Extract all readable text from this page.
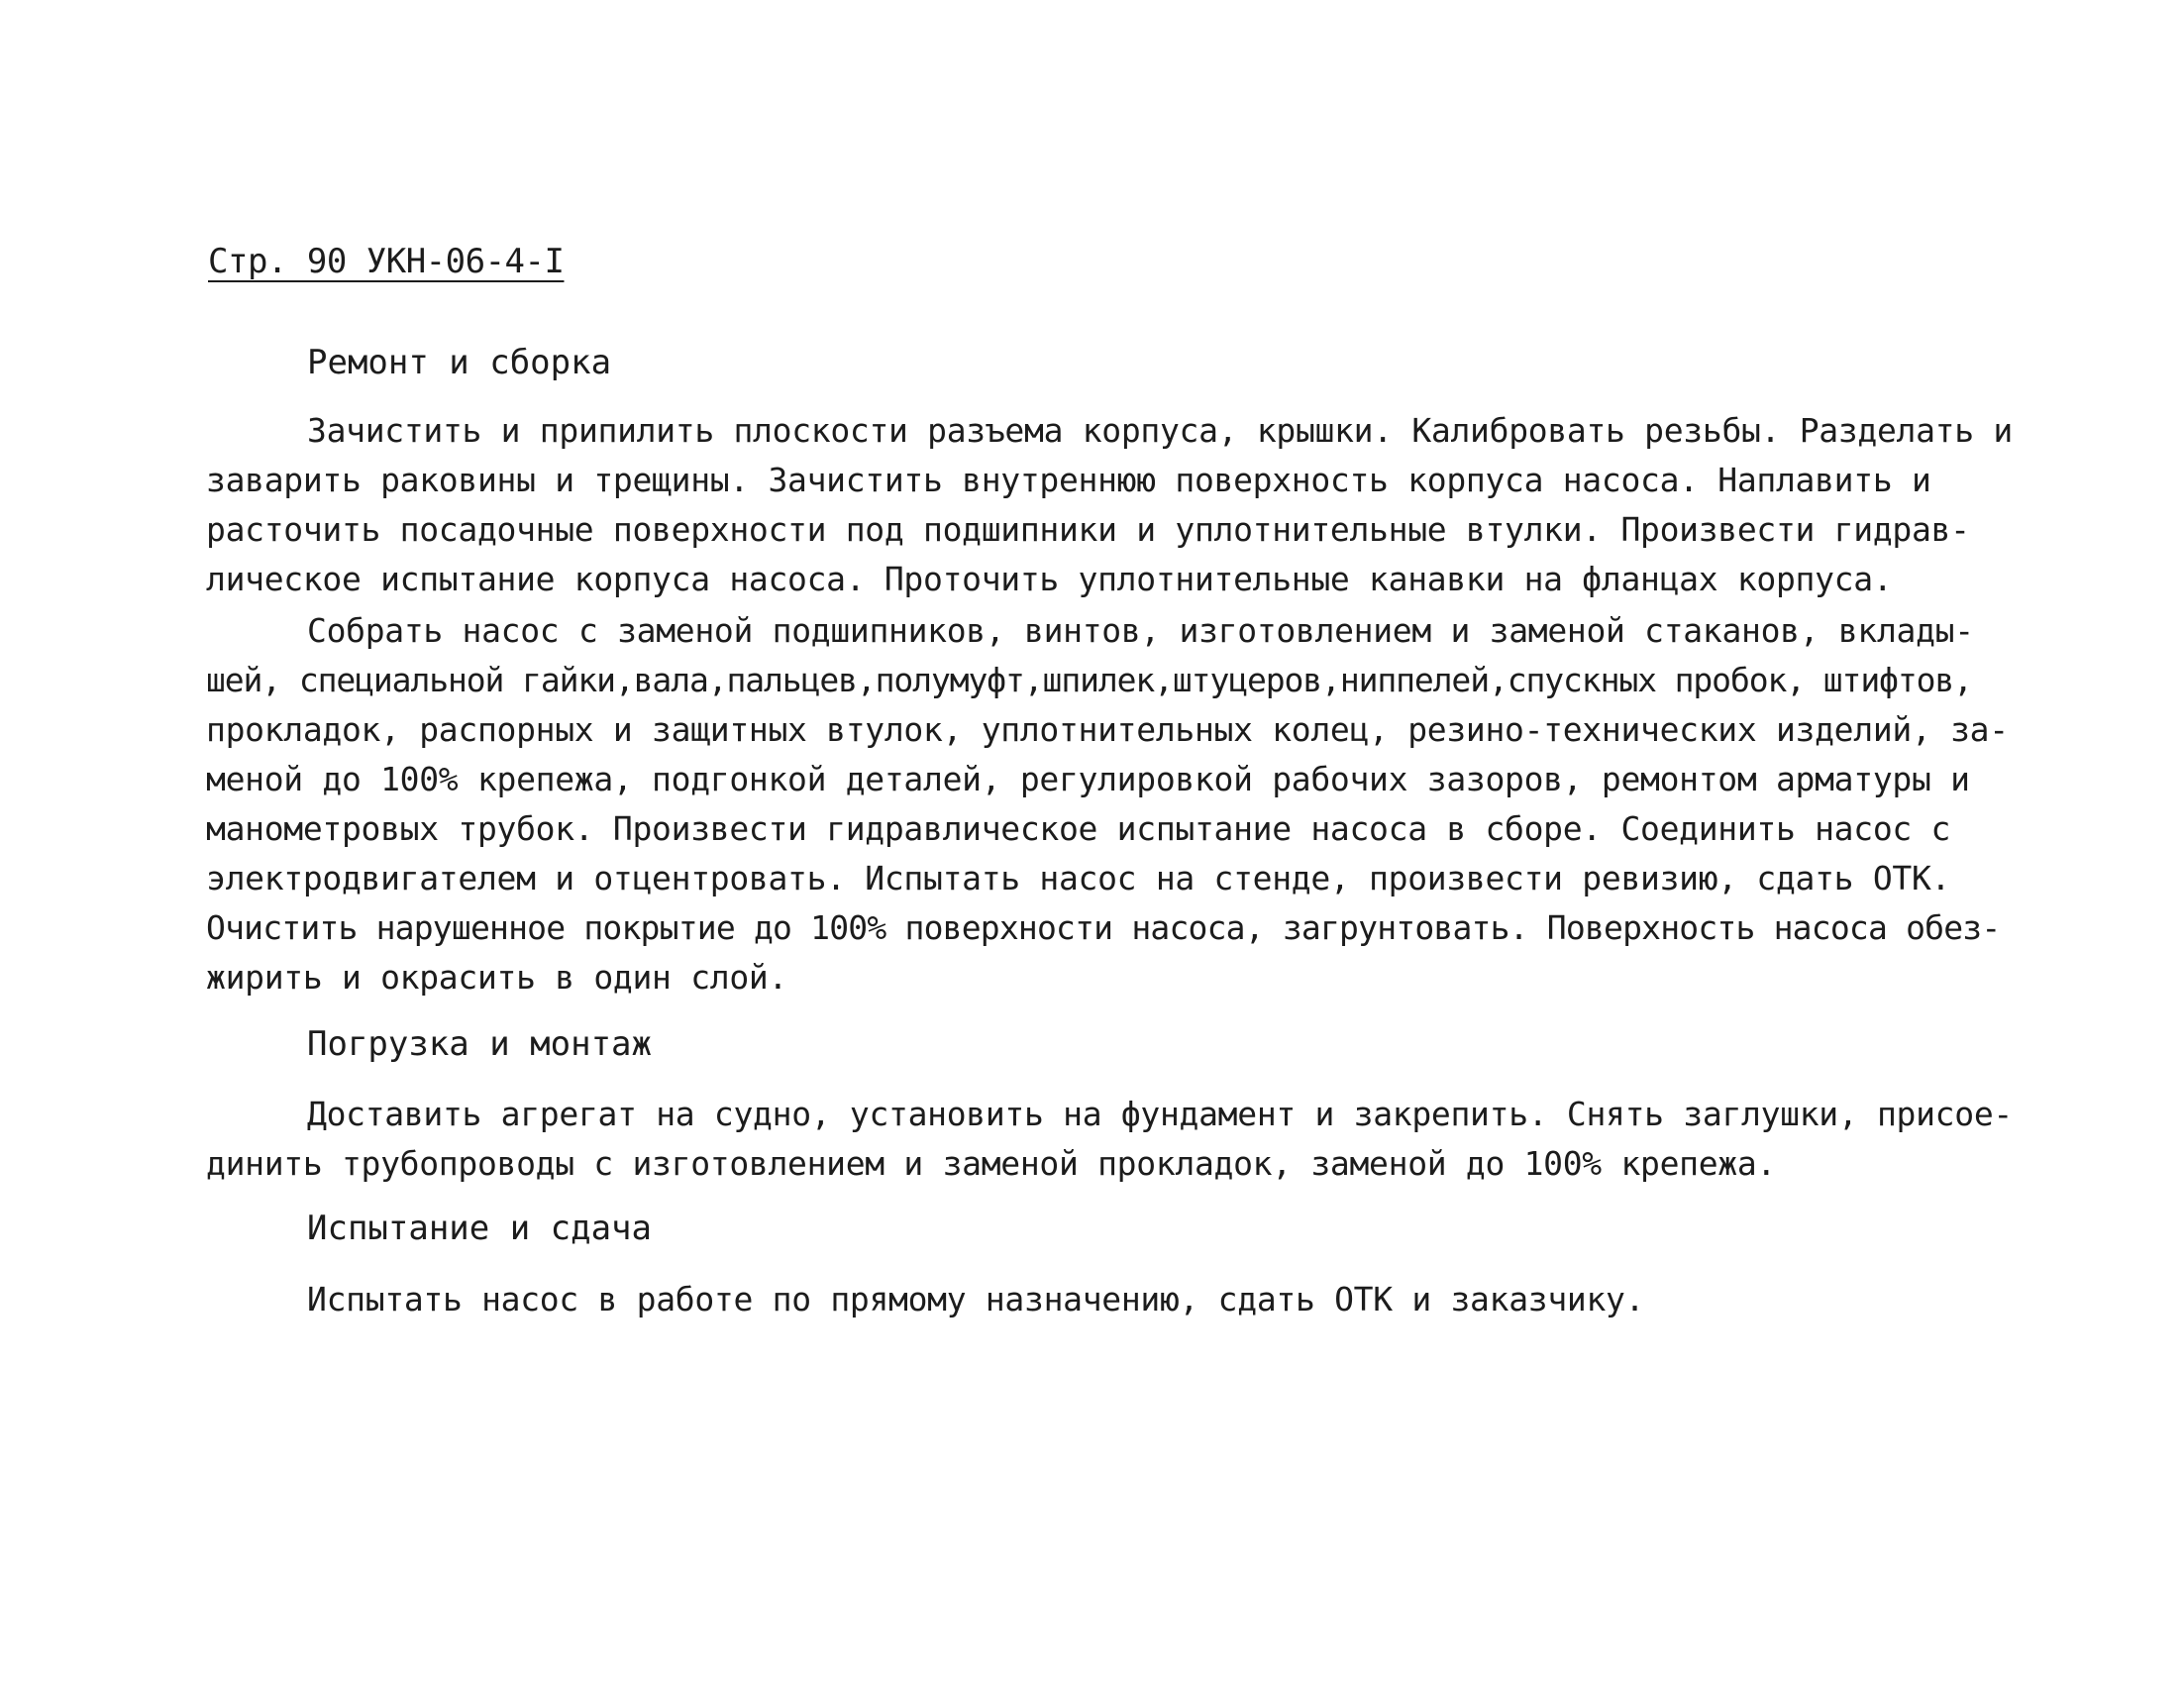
Стр. 90 УКН-06-4-I
Ремонт и сборка
Зачистить и припилить плоскости разъема корпуса, крышки. Калибровать резьбы. Разделать и
заварить раковины и трещины. Зачистить внутреннюю поверхность корпуса насоса. Наплавить и
расточить посадочные поверхности под подшипники и уплотнительные втулки. Произвести гидрав-
лическое испытание корпуса насоса. Проточить уплотнительные канавки на фланцах корпуса.
Собрать насос с заменой подшипников, винтов, изготовлением и заменой стаканов, вклады-
шей, специальной гайки,вала,пальцев,полумуфт,шпилек,штуцеров,ниппелей,спускных пробок, штифтов,
прокладок, распорных и защитных втулок, уплотнительных колец, резино-технических изделий, за-
меной до 100% крепежа, подгонкой деталей, регулировкой рабочих зазоров, ремонтом арматуры и
манометровых трубок. Произвести гидравлическое испытание насоса в сборе. Соединить насос с
электродвигателем и отцентровать. Испытать насос на стенде, произвести ревизию, сдать ОТК.
Очистить нарушенное покрытие до 100% поверхности насоса, загрунтовать. Поверхность насоса обез-
жирить и окрасить в один слой.
Погрузка и монтаж
Доставить агрегат на судно, установить на фундамент и закрепить. Снять заглушки, присое-
динить трубопроводы с изготовлением и заменой прокладок, заменой до 100% крепежа.
Испытание и сдача
Испытать насос в работе по прямому назначению, сдать ОТК и заказчику.
